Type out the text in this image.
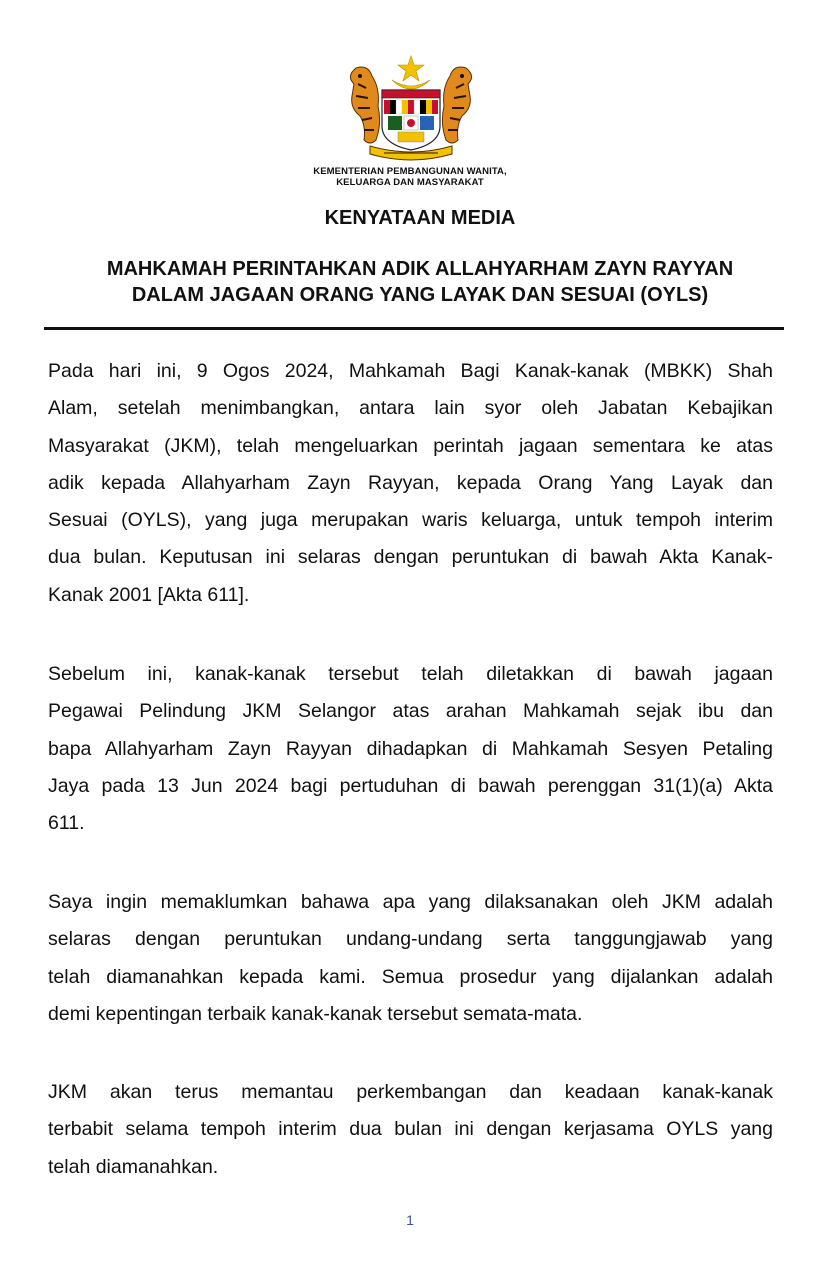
KEMENTERIAN PEMBANGUNAN WANITA,
KELUARGA DAN MASYARAKAT
KENYATAAN MEDIA
MAHKAMAH PERINTAHKAN ADIK ALLAHYARHAM ZAYN RAYYAN
DALAM JAGAAN ORANG YANG LAYAK DAN SESUAI (OYLS)
Pada hari ini, 9 Ogos 2024, Mahkamah Bagi Kanak-kanak (MBKK) Shah
Alam, setelah menimbangkan, antara lain syor oleh Jabatan Kebajikan
Masyarakat (JKM), telah mengeluarkan perintah jagaan sementara ke atas
adik kepada Allahyarham Zayn Rayyan, kepada Orang Yang Layak dan
Sesuai (OYLS), yang juga merupakan waris keluarga, untuk tempoh interim
dua bulan. Keputusan ini selaras dengan peruntukan di bawah Akta Kanak-
Kanak 2001 [Akta 611].
Sebelum ini, kanak-kanak tersebut telah diletakkan di bawah jagaan
Pegawai Pelindung JKM Selangor atas arahan Mahkamah sejak ibu dan
bapa Allahyarham Zayn Rayyan dihadapkan di Mahkamah Sesyen Petaling
Jaya pada 13 Jun 2024 bagi pertuduhan di bawah perenggan 31(1)(a) Akta
611.
Saya ingin memaklumkan bahawa apa yang dilaksanakan oleh JKM adalah
selaras dengan peruntukan undang-undang serta tanggungjawab yang
telah diamanahkan kepada kami. Semua prosedur yang dijalankan adalah
demi kepentingan terbaik kanak-kanak tersebut semata-mata.
JKM akan terus memantau perkembangan dan keadaan kanak-kanak
terbabit selama tempoh interim dua bulan ini dengan kerjasama OYLS yang
telah diamanahkan.
1
